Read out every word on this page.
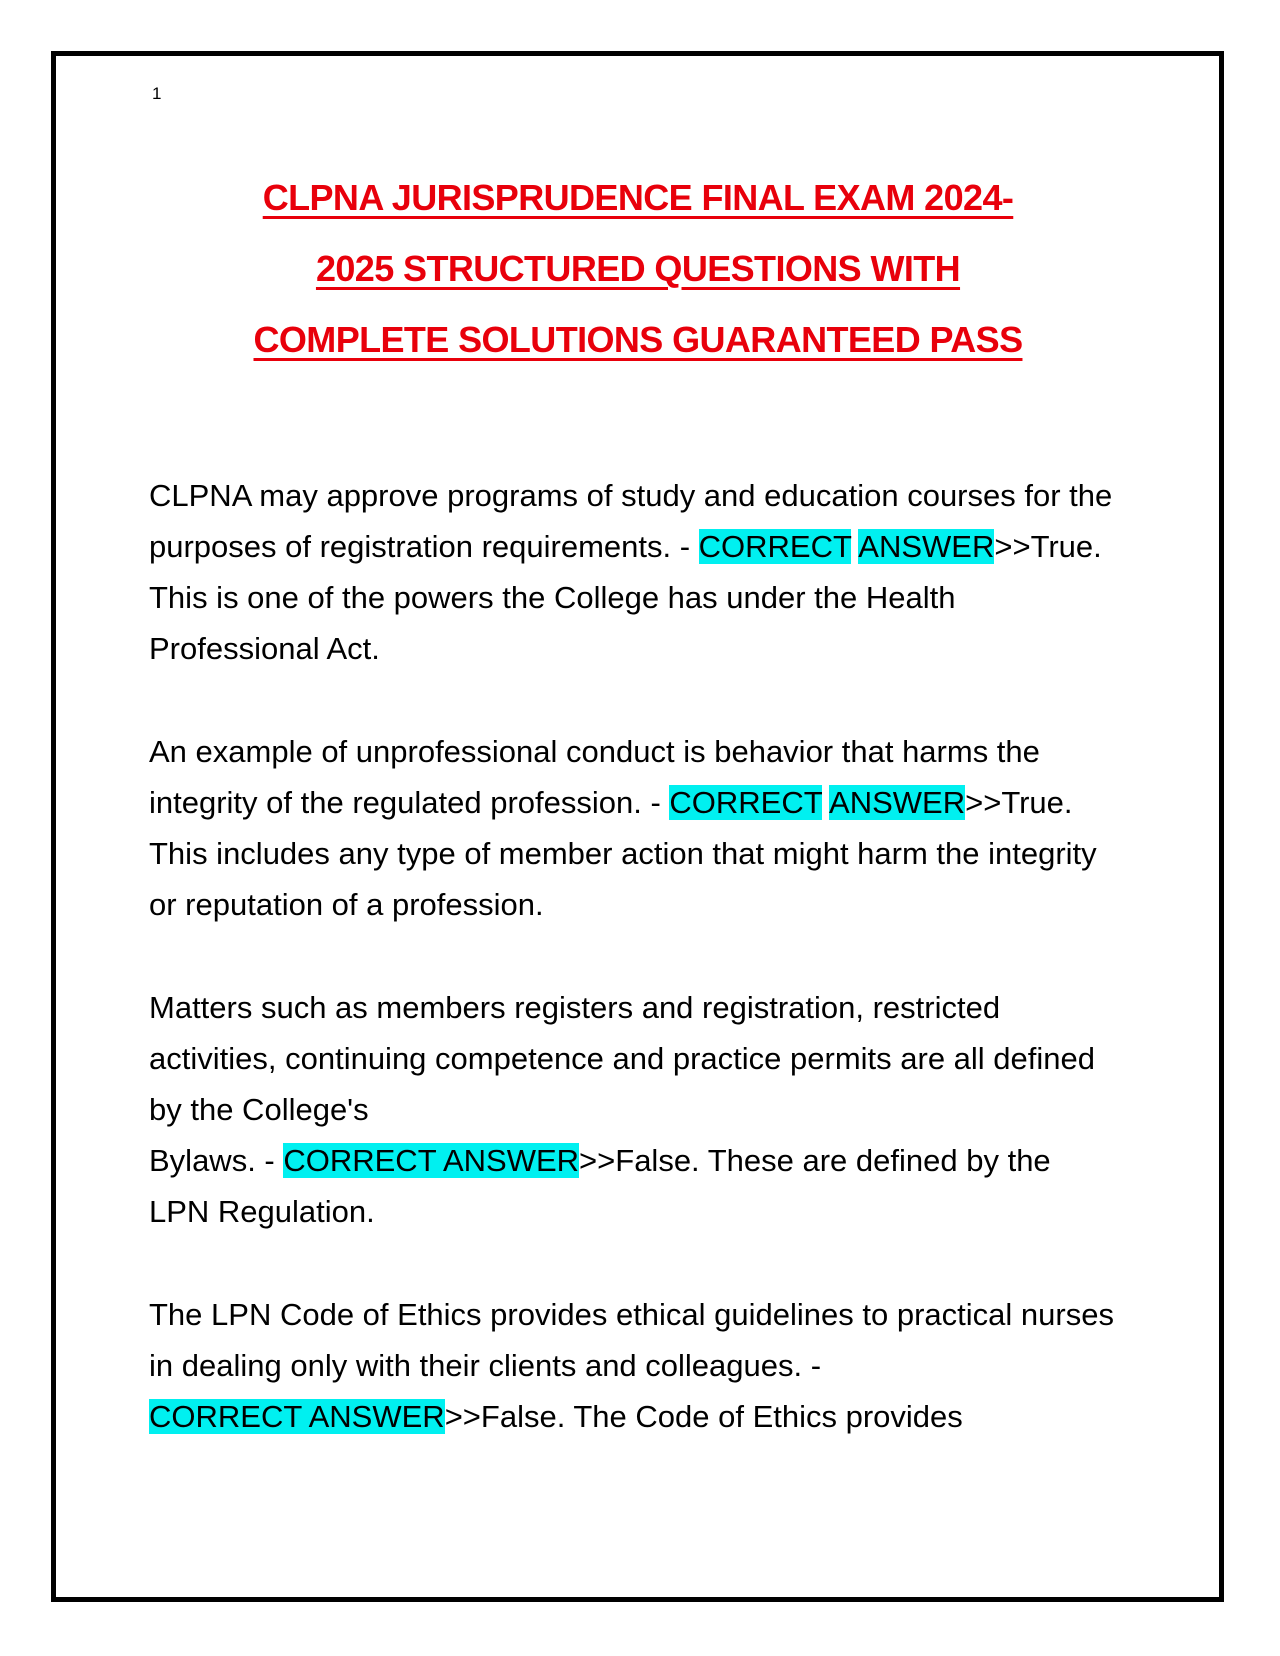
1
CLPNA JURISPRUDENCE FINAL EXAM 2024-
2025 STRUCTURED QUESTIONS WITH
COMPLETE SOLUTIONS GUARANTEED PASS

CLPNA may approve programs of study and education courses for the purposes of registration requirements. - CORRECT ANSWER>>True. This is one of the powers the College has under the Health Professional Act.

An example of unprofessional conduct is behavior that harms the integrity of the regulated profession. - CORRECT ANSWER>>True. This includes any type of member action that might harm the integrity or reputation of a profession.

Matters such as members registers and registration, restricted activities, continuing competence and practice permits are all defined by the College's
Bylaws. - CORRECT ANSWER>>False. These are defined by the LPN Regulation.

The LPN Code of Ethics provides ethical guidelines to practical nurses in dealing only with their clients and colleagues. -
CORRECT ANSWER>>False. The Code of Ethics provides
